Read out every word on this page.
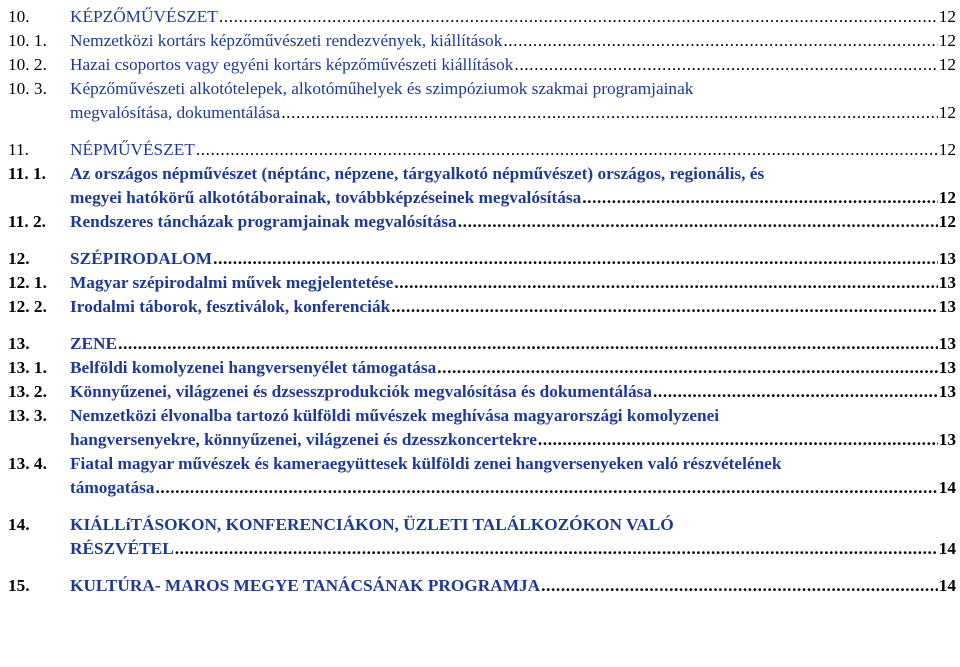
10. KÉPZŐMŰVÉSZET .....	12
10. 1. Nemzetközi kortárs képzőművészeti rendezvények, kiállítások .....	12
10. 2. Hazai csoportos vagy egyéni kortárs képzőművészeti kiállítások .....	12
10. 3. Képzőművészeti alkotótelepek, alkotóműhelyek és szimpóziumok szakmai programjainak
megvalósítása, dokumentálása .....	12
11. NÉPMŰVÉSZET .....	12
11. 1. Az országos népművészet (néptánc, népzene, tárgyalkotó népművészet) országos, regionális, és
megyei hatókörű alkotótáborainak, továbbképzéseinek megvalósítása .....	12
11. 2. Rendszeres táncházak programjainak megvalósítása .....	12
12. SZÉPIRODALOM .....	13
12. 1. Magyar szépirodalmi művek megjelentetése .....	13
12. 2. Irodalmi táborok, fesztiválok, konferenciák .....	13
13. ZENE .....	13
13. 1. Belföldi komolyzenei hangversenyélet támogatása .....	13
13. 2. Könnyűzenei, világzenei és dzsesszprodukciók megvalósítása és dokumentálása .....	13
13. 3. Nemzetközi élvonalba tartozó külföldi művészek meghívása magyarországi komolyzenei
hangversenyekre, könnyűzenei, világzenei és dzesszkoncertekre .....	13
13. 4. Fiatal magyar művészek és kameraegyüttesek külföldi zenei hangversenyeken való részvételének
támogatása .....	14
14. KIÁLLíTÁSOKON, KONFERENCIÁKON, ÜZLETI TALÁLKOZÓKON VALÓ
RÉSZVÉTEL .....	14
15. KULTÚRA- MAROS MEGYE TANÁCSÁNAK PROGRAMJA .....	14
